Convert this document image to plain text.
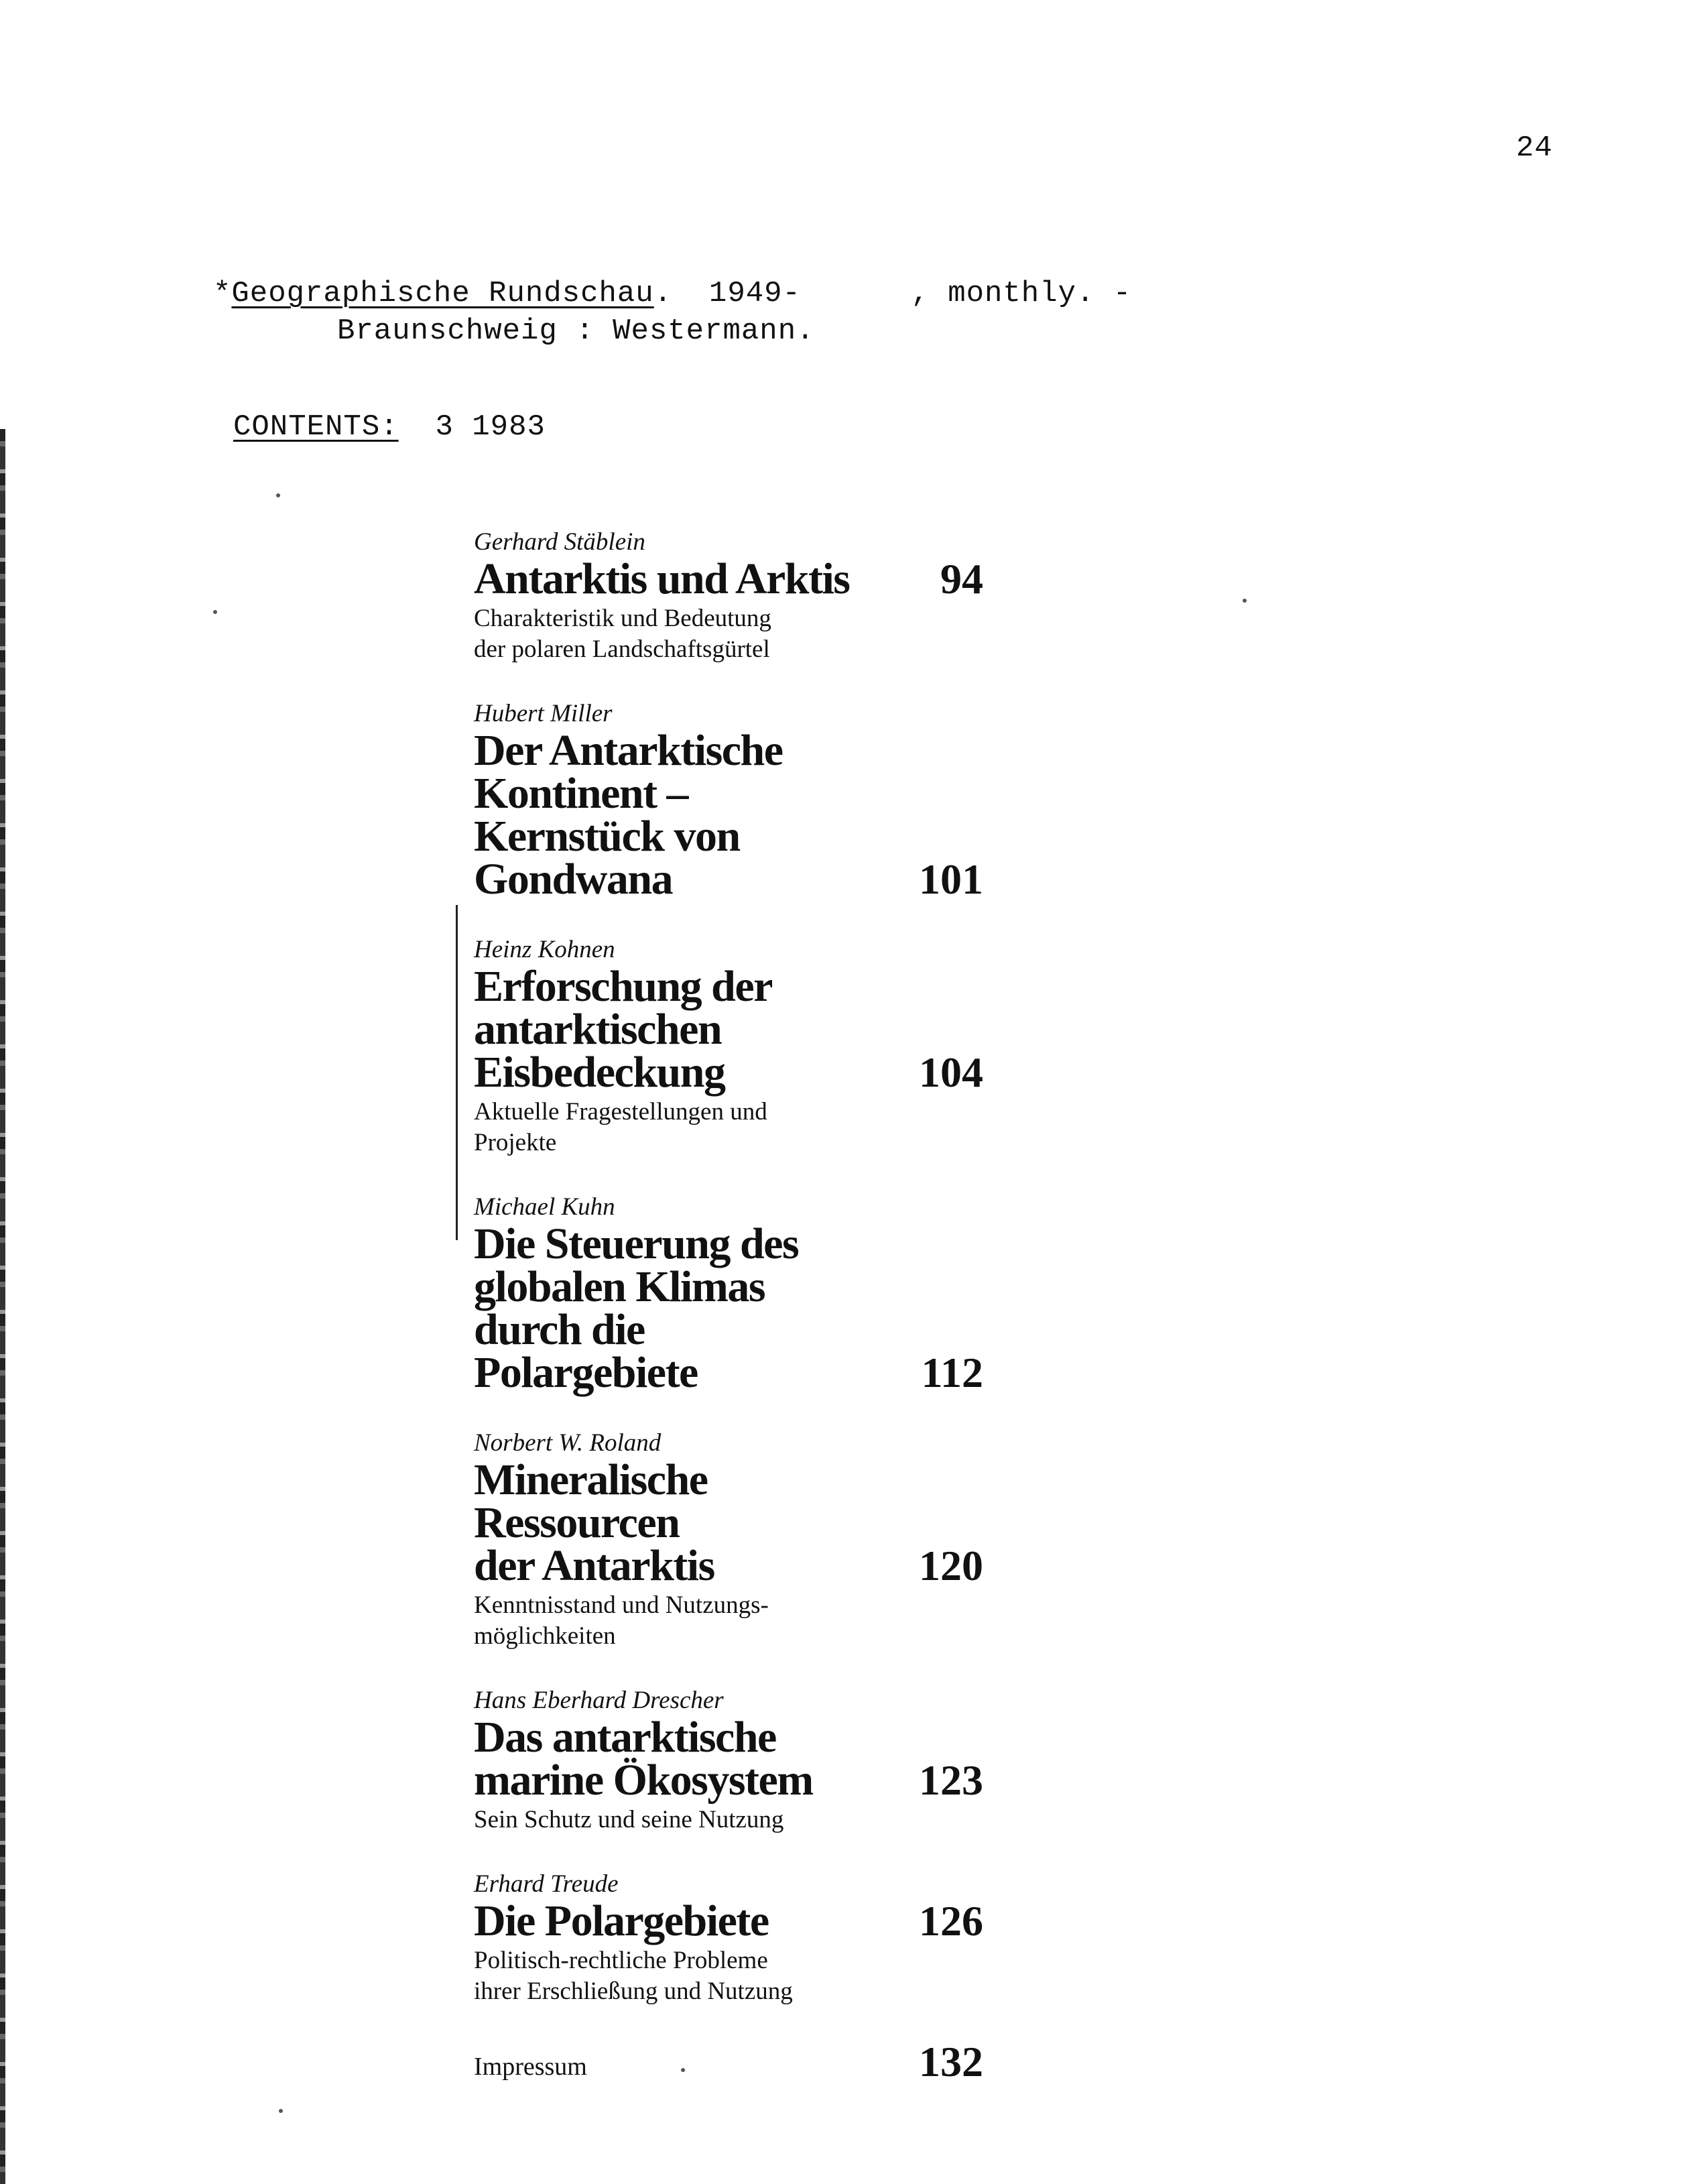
24
*Geographische Rundschau.  1949-      , monthly. -
Braunschweig : Westermann.
CONTENTS: 3 1983
Gerhard Stäblein
Antarktis und Arktis	94
Charakteristik und Bedeutung
der polaren Landschaftsgürtel
Hubert Miller
Der Antarktische
Kontinent –
Kernstück von
Gondwana	101
Heinz Kohnen
Erforschung der
antarktischen
Eisbedeckung	104
Aktuelle Fragestellungen und
Projekte
Michael Kuhn
Die Steuerung des
globalen Klimas
durch die
Polargebiete	112
Norbert W. Roland
Mineralische
Ressourcen
der Antarktis	120
Kenntnisstand und Nutzungs-
möglichkeiten
Hans Eberhard Drescher
Das antarktische
marine Ökosystem	123
Sein Schutz und seine Nutzung
Erhard Treude
Die Polargebiete	126
Politisch-rechtliche Probleme
ihrer Erschließung und Nutzung
Impressum	132
